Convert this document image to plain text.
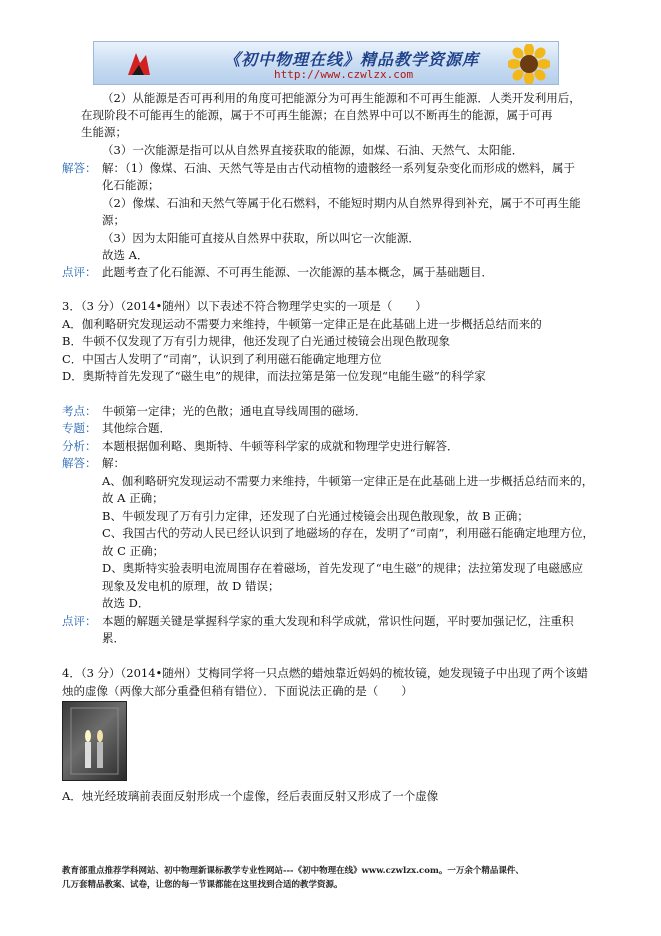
《初中物理在线》精品教学资源库
http://www.czwlzx.com
（2）从能源是否可再利用的角度可把能源分为可再生能源和不可再生能源．人类开发利用后，
在现阶段不可能再生的能源，属于不可再生能源；在自然界中可以不断再生的能源，属于可再
生能源；
（3）一次能源是指可以从自然界直接获取的能源，如煤、石油、天然气、太阳能．
解答： 解：（1）像煤、石油、天然气等是由古代动植物的遗骸经一系列复杂变化而形成的燃料，属于
化石能源；
（2）像煤、石油和天然气等属于化石燃料，不能短时期内从自然界得到补充，属于不可再生能
源；
（3）因为太阳能可直接从自然界中获取，所以叫它一次能源．
故选 A．
点评： 此题考查了化石能源、不可再生能源、一次能源的基本概念，属于基础题目．
3．（3 分）（2014•随州）以下表述不符合物理学史实的一项是（　　）
A．伽利略研究发现运动不需要力来维持，牛顿第一定律正是在此基础上进一步概括总结而来的
B．牛顿不仅发现了万有引力规律，他还发现了白光通过棱镜会出现色散现象
C．中国古人发明了“司南”，认识到了利用磁石能确定地理方位
D．奥斯特首先发现了“磁生电”的规律，而法拉第是第一位发现“电能生磁”的科学家
考点： 牛顿第一定律；光的色散；通电直导线周围的磁场．
专题： 其他综合题．
分析： 本题根据伽利略、奥斯特、牛顿等科学家的成就和物理学史进行解答．
解答： 解：
A、伽利略研究发现运动不需要力来维持，牛顿第一定律正是在此基础上进一步概括总结而来的，
故 A 正确；
B、牛顿发现了万有引力定律，还发现了白光通过棱镜会出现色散现象，故 B 正确；
C、我国古代的劳动人民已经认识到了地磁场的存在，发明了“司南”，利用磁石能确定地理方位，
故 C 正确；
D、奥斯特实验表明电流周围存在着磁场，首先发现了“电生磁”的规律；法拉第发现了电磁感应
现象及发电机的原理，故 D 错误；
故选 D．
点评： 本题的解题关键是掌握科学家的重大发现和科学成就，常识性问题，平时要加强记忆，注重积
累．
4．（3 分）（2014•随州）艾梅同学将一只点燃的蜡烛靠近妈妈的梳妆镜，她发现镜子中出现了两个该蜡
烛的虚像（两像大部分重叠但稍有错位）．下面说法正确的是（　　）
A．烛光经玻璃前表面反射形成一个虚像，经后表面反射又形成了一个虚像
教育部重点推荐学科网站、初中物理新课标教学专业性网站---《初中物理在线》www.czwlzx.com。一万余个精品课件、
几万套精品教案、试卷，让您的每一节课都能在这里找到合适的教学资源。
